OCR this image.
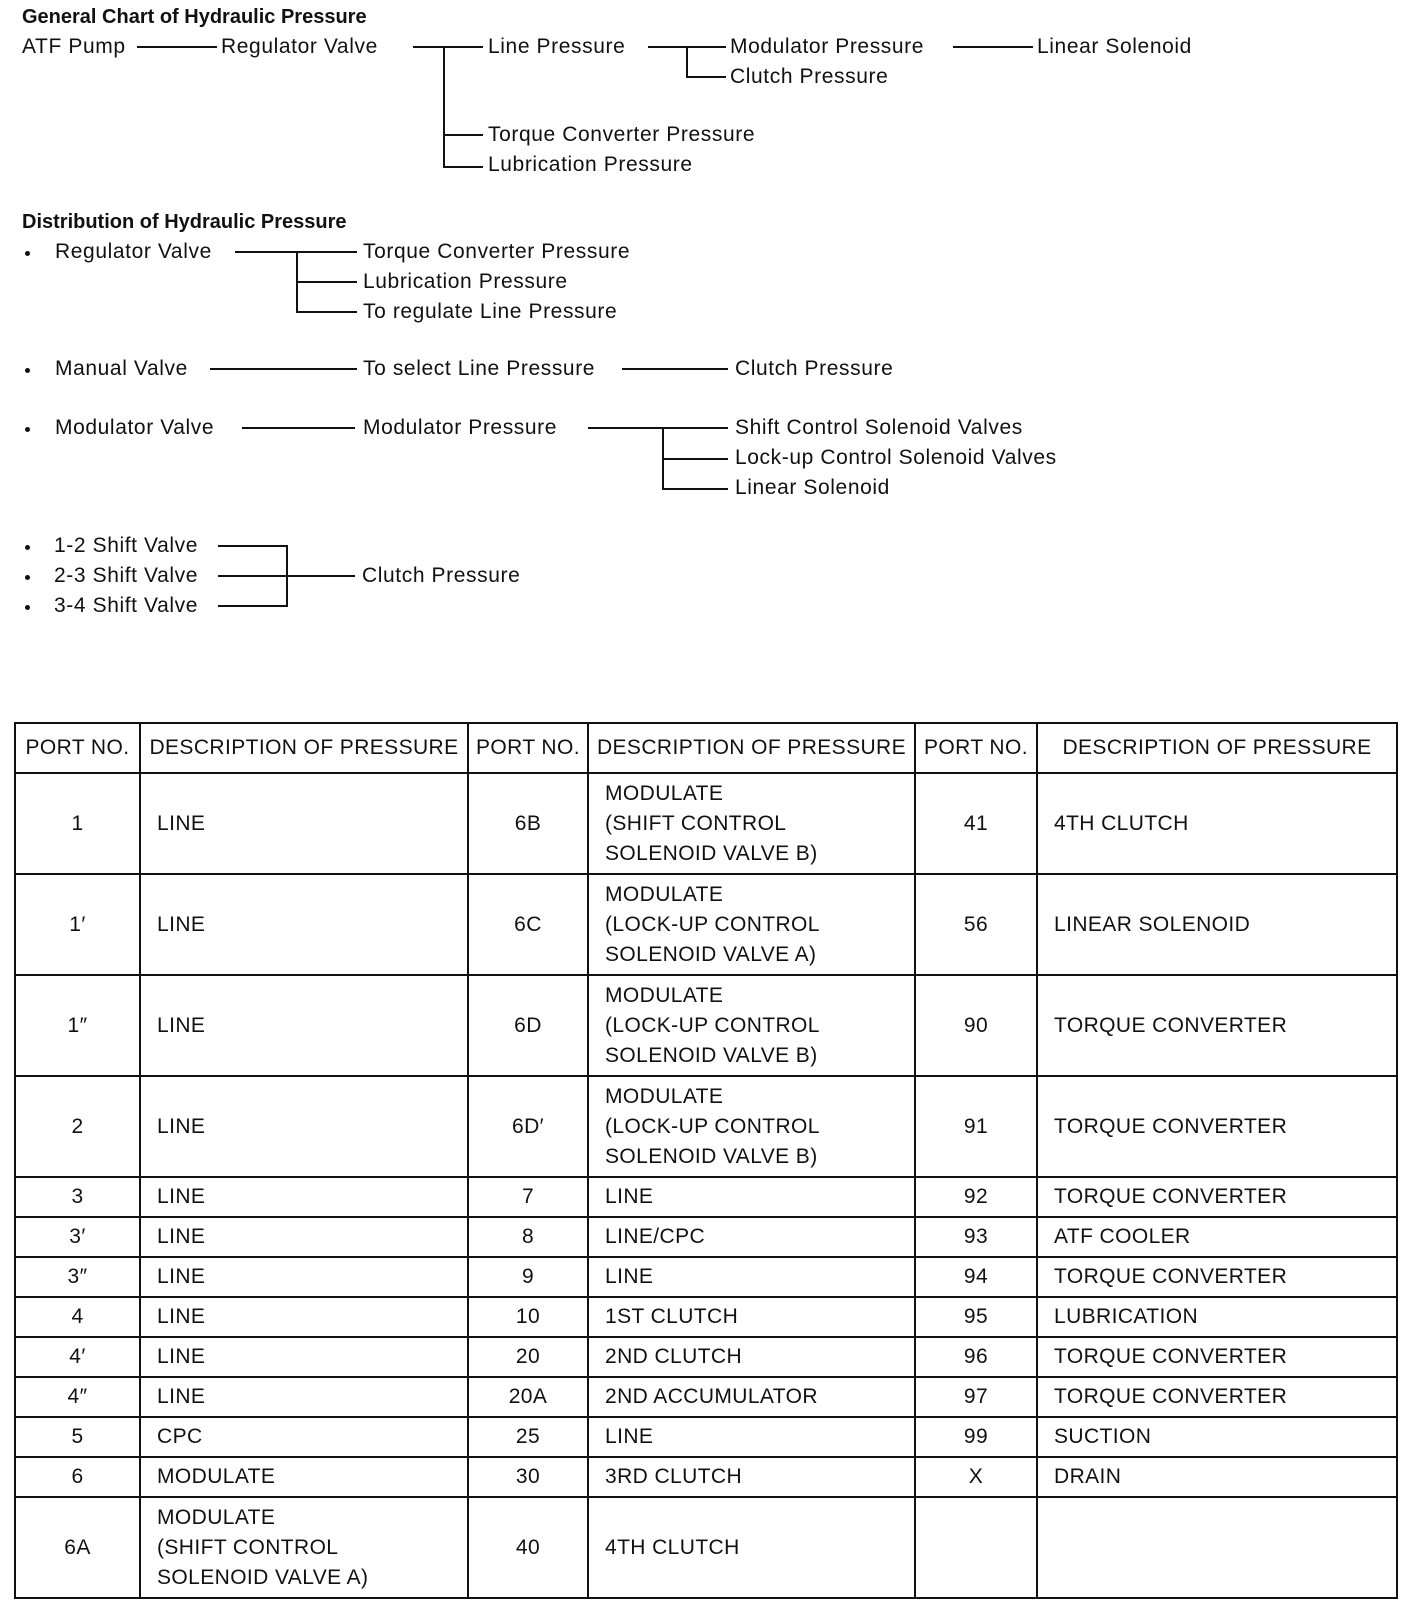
General Chart of Hydraulic Pressure
ATF Pump	Regulator Valve	Line Pressure	Modulator Pressure	Linear Solenoid
Clutch Pressure
Torque Converter Pressure
Lubrication Pressure
Distribution of Hydraulic Pressure
Regulator Valve	Torque Converter Pressure
Lubrication Pressure
To regulate Line Pressure
Manual Valve	To select Line Pressure	Clutch Pressure
Modulator Valve	Modulator Pressure	Shift Control Solenoid Valves
Lock-up Control Solenoid Valves
Linear Solenoid
1-2 Shift Valve
2-3 Shift Valve
3-4 Shift Valve
Clutch Pressure
PORT NO.	DESCRIPTION OF PRESSURE	PORT NO.	DESCRIPTION OF PRESSURE	PORT NO.	DESCRIPTION OF PRESSURE

1	LINE	6B	MODULATE
(SHIFT CONTROL
SOLENOID VALVE B)	41	4TH CLUTCH

1′	LINE	6C	MODULATE
(LOCK-UP CONTROL
SOLENOID VALVE A)	56	LINEAR SOLENOID

1″	LINE	6D	MODULATE
(LOCK-UP CONTROL
SOLENOID VALVE B)	90	TORQUE CONVERTER

2	LINE	6D′	MODULATE
(LOCK-UP CONTROL
SOLENOID VALVE B)	91	TORQUE CONVERTER

3	LINE	7	LINE	92	TORQUE CONVERTER

3′	LINE	8	LINE/CPC	93	ATF COOLER

3″	LINE	9	LINE	94	TORQUE CONVERTER

4	LINE	10	1ST CLUTCH	95	LUBRICATION

4′	LINE	20	2ND CLUTCH	96	TORQUE CONVERTER

4″	LINE	20A	2ND ACCUMULATOR	97	TORQUE CONVERTER

5	CPC	25	LINE	99	SUCTION

6	MODULATE	30	3RD CLUTCH	X	DRAIN

6A	MODULATE
(SHIFT CONTROL
SOLENOID VALVE A)	40	4TH CLUTCH		
